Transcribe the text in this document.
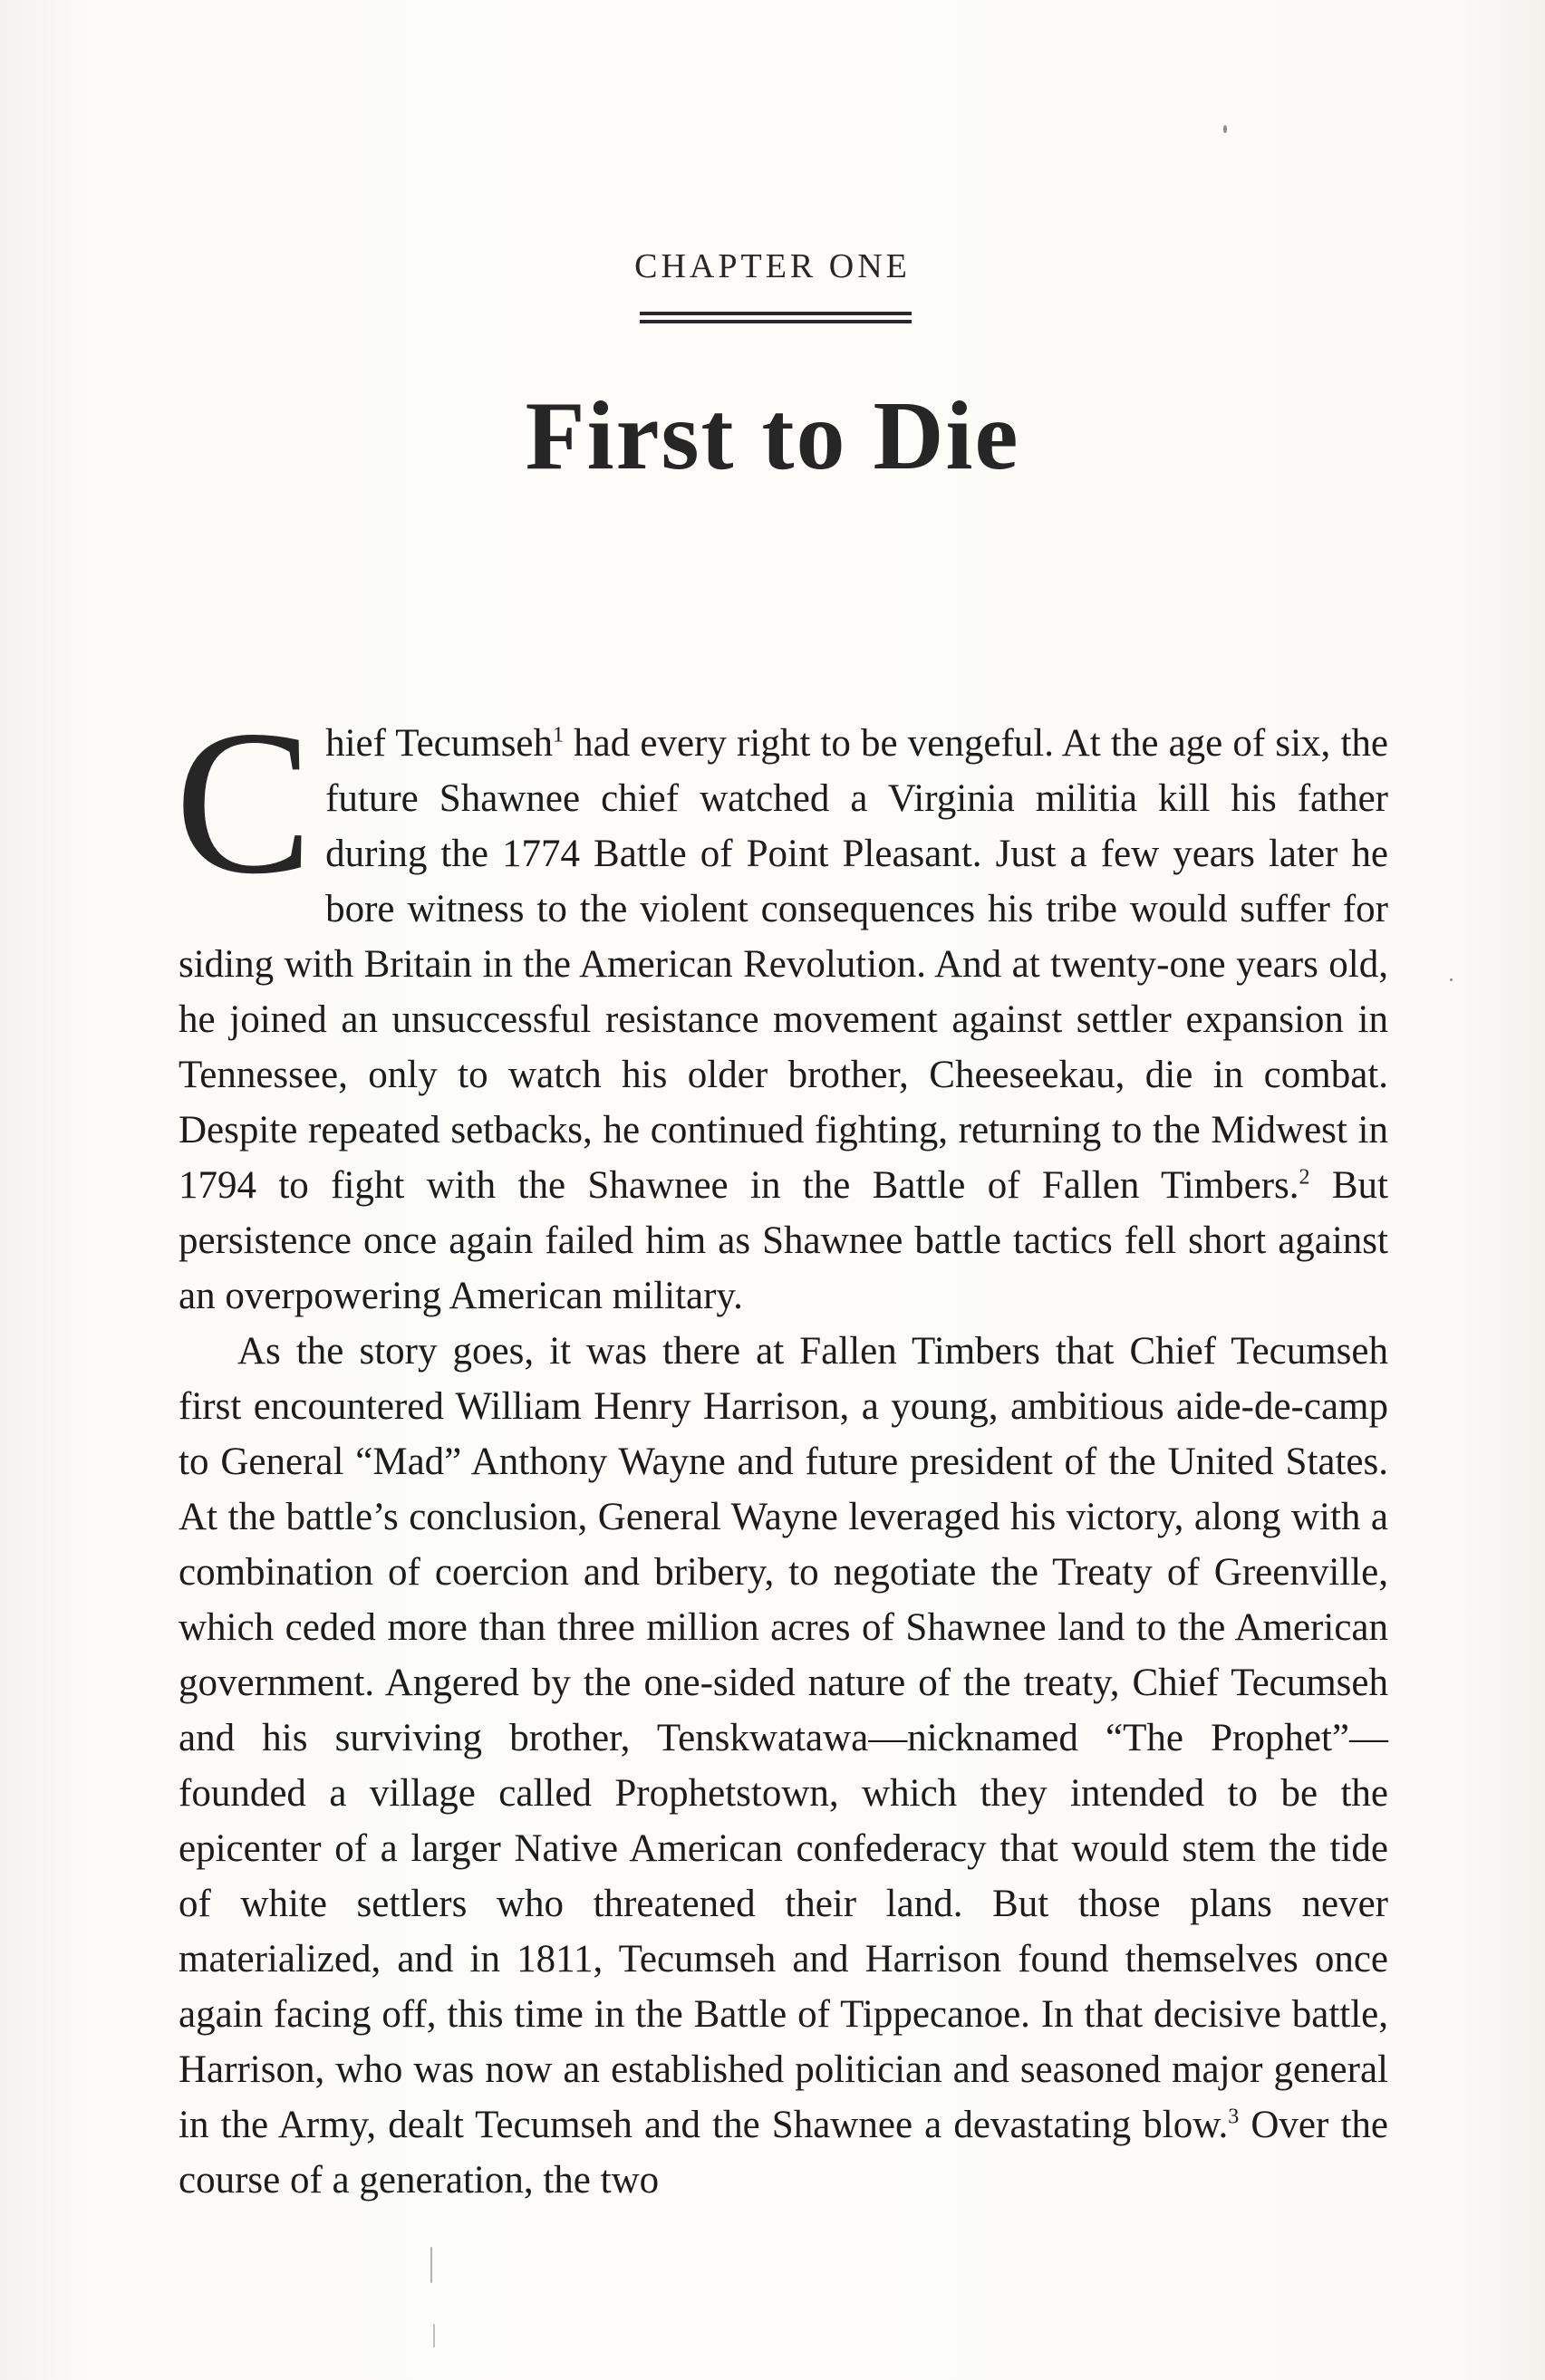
CHAPTER ONE
First to Die

C hief Tecumseh$^1$ had every right to be vengeful. At the age of six, the future Shawnee chief watched a Virginia militia kill his father during the 1774 Battle of Point Pleasant. Just a few years later he bore witness to the violent consequences his tribe would suffer for siding with Britain in the American Revolution. And at twenty-one years old, he joined an unsuccessful resistance movement against settler expansion in Tennessee, only to watch his older brother, Cheeseekau, die in combat. Despite repeated setbacks, he continued fighting, returning to the Midwest in 1794 to fight with the Shawnee in the Battle of Fallen Timbers.$^2$ But persistence once again failed him as Shawnee battle tactics fell short against an overpowering American military.

As the story goes, it was there at Fallen Timbers that Chief Tecumseh first encountered William Henry Harrison, a young, ambitious aide-de-camp to General “Mad” Anthony Wayne and future president of the United States. At the battle’s conclusion, General Wayne leveraged his victory, along with a combination of coercion and bribery, to negotiate the Treaty of Greenville, which ceded more than three million acres of Shawnee land to the American government. Angered by the one-sided nature of the treaty, Chief Tecumseh and his surviving brother, Tenskwatawa—nicknamed “The Prophet”—founded a village called Prophetstown, which they intended to be the epicenter of a larger Native American confederacy that would stem the tide of white settlers who threatened their land. But those plans never materialized, and in 1811, Tecumseh and Harrison found themselves once again facing off, this time in the Battle of Tippecanoe. In that decisive battle, Harrison, who was now an established politician and seasoned major general in the Army, dealt Tecumseh and the Shawnee a devastating blow.$^3$ Over the course of a generation, the two
